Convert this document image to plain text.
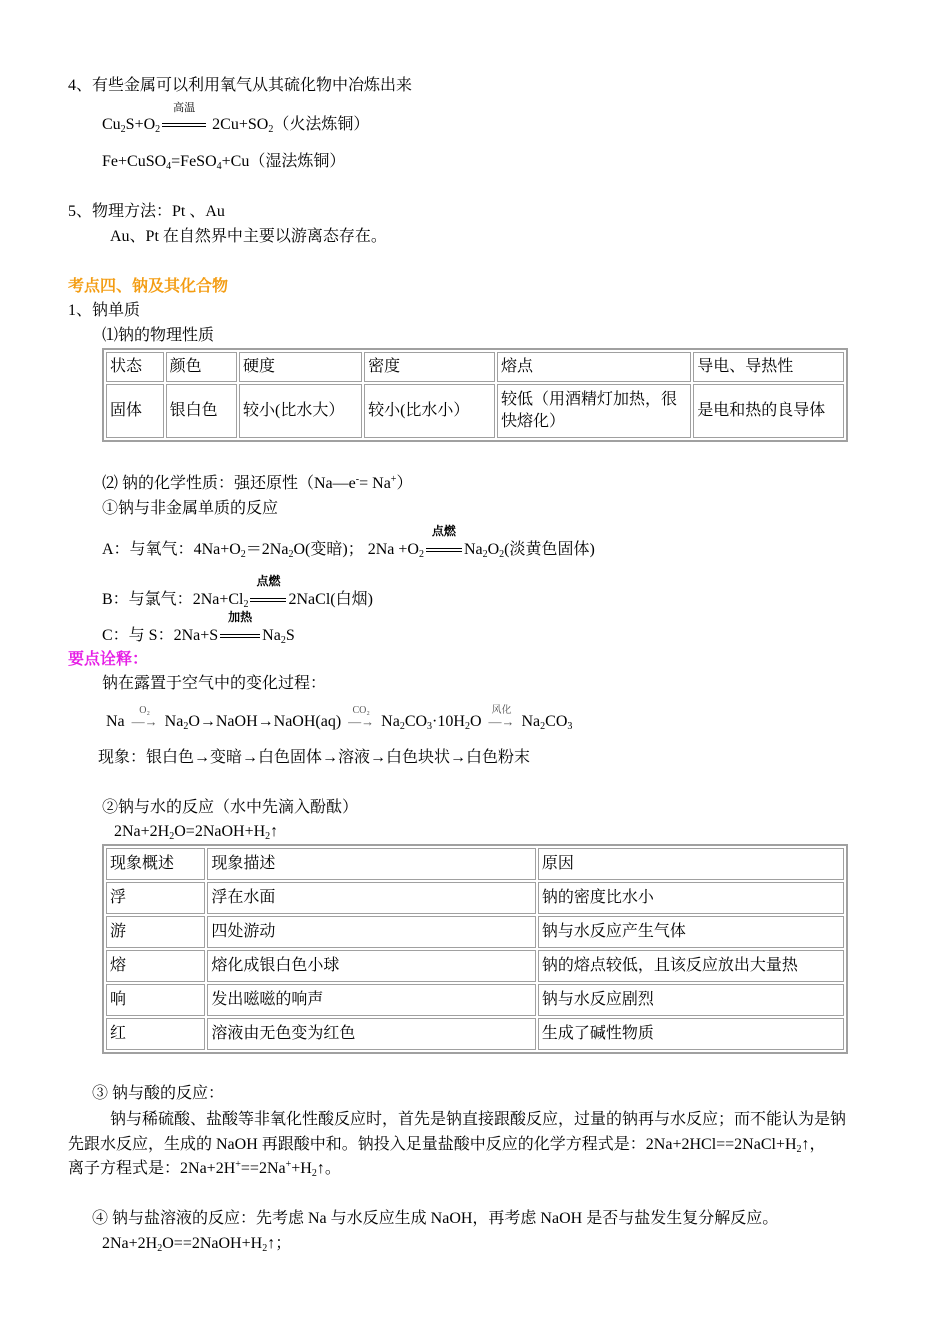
4、有些金属可以利用氧气从其硫化物中冶炼出来
$Cu_2S+O_2$
高温
$2Cu+SO_2$（火法炼铜）
Fe+CuSO$_4$=FeSO$_4$+Cu（湿法炼铜）
5、物理方法：Pt 、Au
Au、Pt 在自然界中主要以游离态存在。
考点四、钠及其化合物
1、钠单质
⑴钠的物理性质
状态	颜色	硬度	密度	熔点	导电、导热性
固体	银白色	较小(比水大）	较小(比水小）	较低（用酒精灯加热，很快熔化）	是电和热的良导体
⑵ 钠的化学性质：强还原性（Na—e-= Na+）
①钠与非金属单质的反应
A：与氧气：$4Na+O_2=2Na_2O$(变暗)； $2Na +O_2$
点燃
$Na_2O_2$(淡黄色固体)
B：与氯气：$2Na+Cl_2$
点燃
2NaCl(白烟)
C：与 S：2Na+S
加热
$Na_2S$
要点诠释：
钠在露置于空气中的变化过程：
Na
O₂
—→ $Na_2O\to NaOH\to NaOH(aq)$
CO₂
—→ $Na_2CO_3\cdot 10H_2O$
风化
—→ $Na_2CO_3$
现象：银白色→变暗→白色固体→溶液→白色块状→白色粉末
②钠与水的反应（水中先滴入酚酞）
$2Na+2H_2O=2NaOH+H_2↑$
现象概述	现象描述	原因
浮	浮在水面	钠的密度比水小
游	四处游动	钠与水反应产生气体
熔	熔化成银白色小球	钠的熔点较低，且该反应放出大量热
响	发出嗞嗞的响声	钠与水反应剧烈
红	溶液由无色变为红色	生成了碱性物质
③ 钠与酸的反应：
钠与稀硫酸、盐酸等非氧化性酸反应时，首先是钠直接跟酸反应，过量的钠再与水反应；而不能认为是钠
先跟水反应，生成的 NaOH 再跟酸中和。钠投入足量盐酸中反应的化学方程式是：$2Na+2HCl==2NaCl+H_2↑$，
离子方程式是：$2Na+2H^+==2Na^++H_2↑$。
④ 钠与盐溶液的反应：先考虑 Na 与水反应生成 NaOH，再考虑 NaOH 是否与盐发生复分解反应。
$2Na+2H_2O==2NaOH+H_2↑$；
